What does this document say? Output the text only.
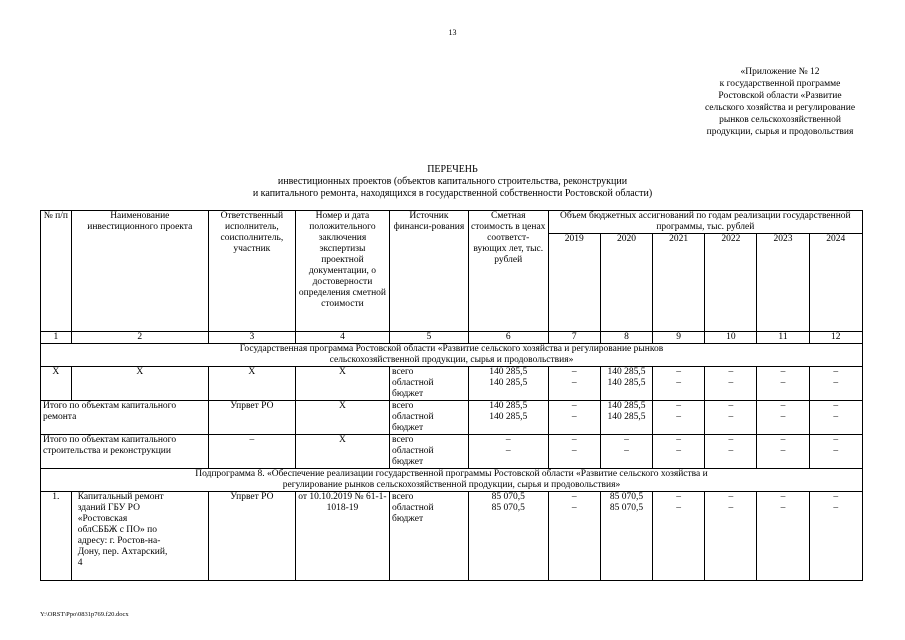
13
«Приложение № 12
к государственной программе
Ростовской области «Развитие
сельского хозяйства и регулирование
рынков сельскохозяйственной
продукции, сырья и продовольствия
ПЕРЕЧЕНЬ
инвестиционных проектов (объектов капитального строительства, реконструкции
и капитального ремонта, находящихся в государственной собственности Ростовской области)
№ п/п	Наименование инвестиционного проекта	Ответственный исполнитель, соисполнитель, участник	Номер и дата положительного заключения экспертизы проектной документации, о достоверности определения сметной стоимости	Источник финанси-рования	Сметная стоимость в ценах соответст-вующих лет, тыс. рублей	Объем бюджетных ассигнований по годам реализации государственной программы, тыс. рублей					
						2019	2020	2021	2022	2023	2024
1	2	3	4	5	6	7	8	9	10	11	12
Государственная программа Ростовской области «Развитие сельского хозяйства и регулирование рынков сельскохозяйственной продукции, сырья и продовольствия»											
Х	Х	Х	Х	всего	140 285,5	–	140 285,5	–	–	–	–
				областной бюджет	140 285,5	–	140 285,5	–	–	–	–
Итого по объектам капитального ремонта		Упрвет РО	Х	всего	140 285,5	–	140 285,5	–	–	–	–
				областной бюджет	140 285,5	–	140 285,5	–	–	–	–
Итого по объектам капитального строительства и реконструкции		–	Х	всего	–	–	–	–	–	–	–
				областной бюджет	–	–	–	–	–	–	–
Подпрограмма 8. «Обеспечение реализации государственной программы Ростовской области «Развитие сельского хозяйства и регулирование рынков сельскохозяйственной продукции, сырья и продовольствия»											
1.	Капитальный ремонт зданий ГБУ РО «Ростовская облСББЖ с ПО» по адресу: г. Ростов-на-Дону, пер. Ахтарский, 4	Упрвет РО	от 10.10.2019 № 61-1-1018-19	всего	85 070,5	–	85 070,5	–	–	–	–
				областной бюджет	85 070,5	–	85 070,5	–	–	–	–
Y:\ORST\Ppo\0831p769.f20.docx
